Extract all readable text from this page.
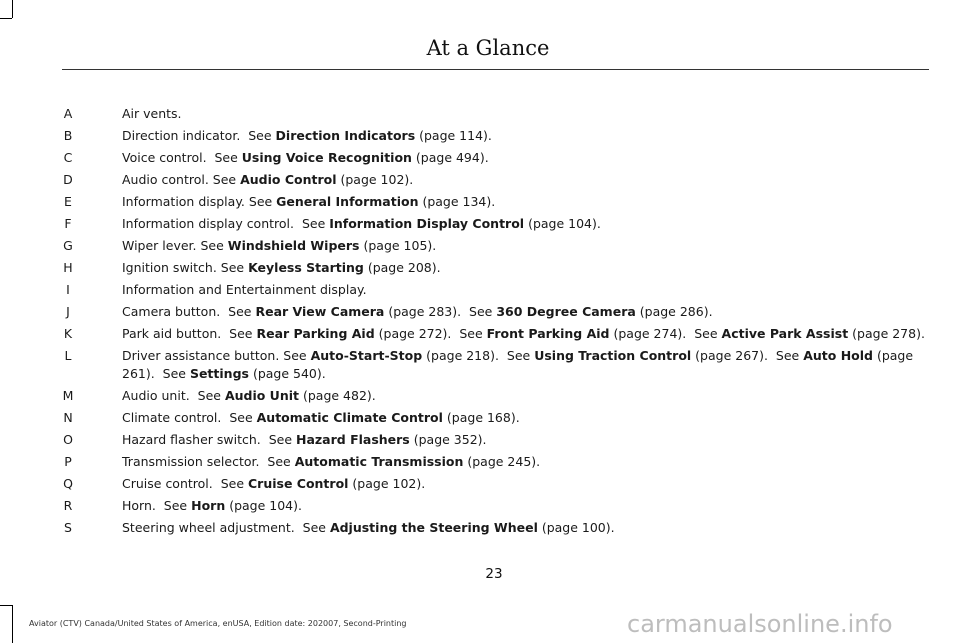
At a Glance
A	Air vents.
B	Direction indicator.  See Direction Indicators (page 114).
C	Voice control.  See Using Voice Recognition (page 494).
D	Audio control. See Audio Control (page 102).
E	Information display. See General Information (page 134).
F	Information display control.  See Information Display Control (page 104).
G	Wiper lever. See Windshield Wipers (page 105).
H	Ignition switch. See Keyless Starting (page 208).
I	Information and Entertainment display.
J	Camera button.  See Rear View Camera (page 283).  See 360 Degree Camera (page 286).
K	Park aid button.  See Rear Parking Aid (page 272).  See Front Parking Aid (page 274).  See Active Park Assist (page 278).
L	Driver assistance button. See Auto-Start-Stop (page 218).  See Using Traction Control (page 267).  See Auto Hold (page 261).  See Settings (page 540).
M	Audio unit.  See Audio Unit (page 482).
N	Climate control.  See Automatic Climate Control (page 168).
O	Hazard flasher switch.  See Hazard Flashers (page 352).
P	Transmission selector.  See Automatic Transmission (page 245).
Q	Cruise control.  See Cruise Control (page 102).
R	Horn.  See Horn (page 104).
S	Steering wheel adjustment.  See Adjusting the Steering Wheel (page 100).
23
Aviator (CTV) Canada/United States of America, enUSA, Edition date: 202007, Second-Printing	carmanualsonline.info
